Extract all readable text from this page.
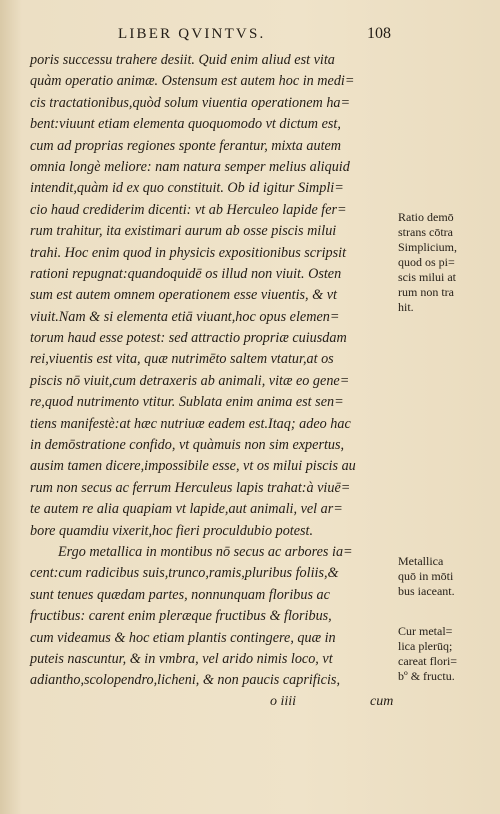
LIBER QVINTVS.	108
poris successu trahere desiit. Quid enim aliud est vita
quàm operatio animæ. Ostensum est autem hoc in medi=
cis tractationibus,quòd solum viuentia operationem ha=
bent:viuunt etiam elementa quoquomodo vt dictum est,
cum ad proprias regiones sponte ferantur, mixta autem
omnia longè meliore: nam natura semper melius aliquid
intendit,quàm id ex quo constituit. Ob id igitur Simpli=
cio haud crediderim dicenti: vt ab Herculeo lapide fer=
rum trahitur, ita existimari aurum ab osse piscis milui
trahi. Hoc enim quod in physicis expositionibus scripsit
rationi repugnat:quandoquidē os illud non viuit. Osten
sum est autem omnem operationem esse viuentis, & vt
viuit.Nam & si elementa etiā viuant,hoc opus elemen=
torum haud esse potest: sed attractio propriæ cuiusdam
rei,viuentis est vita, quæ nutrimēto saltem vtatur,at os
piscis nō viuit,cum detraxeris ab animali, vitæ eo gene=
re,quod nutrimento vtitur. Sublata enim anima est sen=
tiens manifestè:at hæc nutriuæ eadem est.Itaq; adeo hac
in demōstratione confido, vt quàmuis non sim expertus,
ausim tamen dicere,impossibile esse, vt os milui piscis au
rum non secus ac ferrum Herculeus lapis trahat:à viuē=
te autem re alia quapiam vt lapide,aut animali, vel ar=
bore quamdiu vixerit,hoc fieri proculdubio potest.
Ergo metallica in montibus nō secus ac arbores ia=
cent:cum radicibus suis,trunco,ramis,pluribus foliis,&
sunt tenues quædam partes, nonnunquam floribus ac
fructibus: carent enim pleræque fructibus & floribus,
cum videamus & hoc etiam plantis contingere, quæ in
puteis nascuntur, & in vmbra, vel arido nimis loco, vt
adiantho,scolopendro,licheni, & non paucis caprificis,
Ratio demō
strans cōtra
Simplicium,
quod os pi=
scis milui at
rum non tra
hit.
Metallica
quō in mōti
bus iaceant.
Cur metal=
lica plerūq;
careat flori=
bº & fructu.
o iiii	cum
